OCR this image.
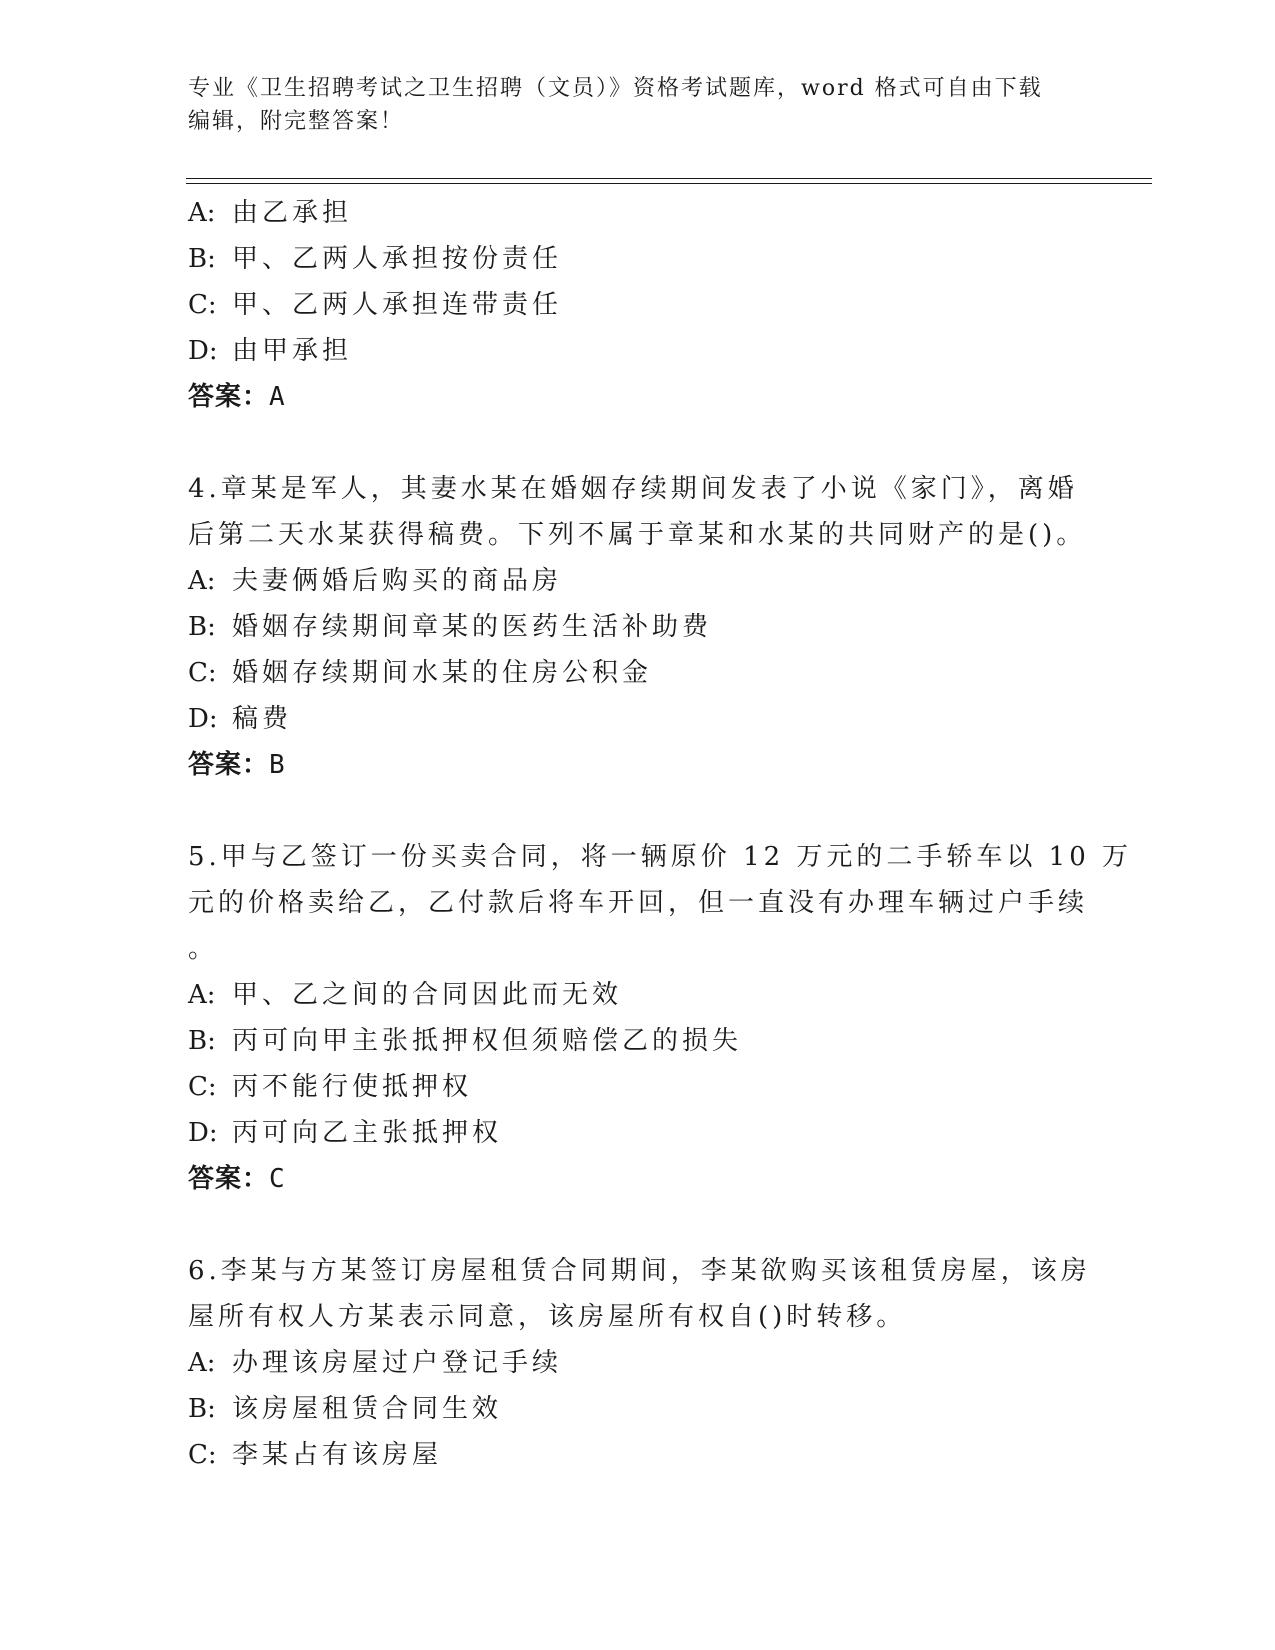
专业《卫生招聘考试之卫生招聘（文员）》资格考试题库，word 格式可自由下载
编辑，附完整答案！
A: 由乙承担
B: 甲、乙两人承担按份责任
C: 甲、乙两人承担连带责任
D: 由甲承担
答案：A
4.章某是军人，其妻水某在婚姻存续期间发表了小说《家门》，离婚
后第二天水某获得稿费。下列不属于章某和水某的共同财产的是()。
A: 夫妻俩婚后购买的商品房
B: 婚姻存续期间章某的医药生活补助费
C: 婚姻存续期间水某的住房公积金
D: 稿费
答案：B
5.甲与乙签订一份买卖合同，将一辆原价 12 万元的二手轿车以 10 万
元的价格卖给乙，乙付款后将车开回，但一直没有办理车辆过户手续
。
A: 甲、乙之间的合同因此而无效
B: 丙可向甲主张抵押权但须赔偿乙的损失
C: 丙不能行使抵押权
D: 丙可向乙主张抵押权
答案：C
6.李某与方某签订房屋租赁合同期间，李某欲购买该租赁房屋，该房
屋所有权人方某表示同意，该房屋所有权自()时转移。
A: 办理该房屋过户登记手续
B: 该房屋租赁合同生效
C: 李某占有该房屋
